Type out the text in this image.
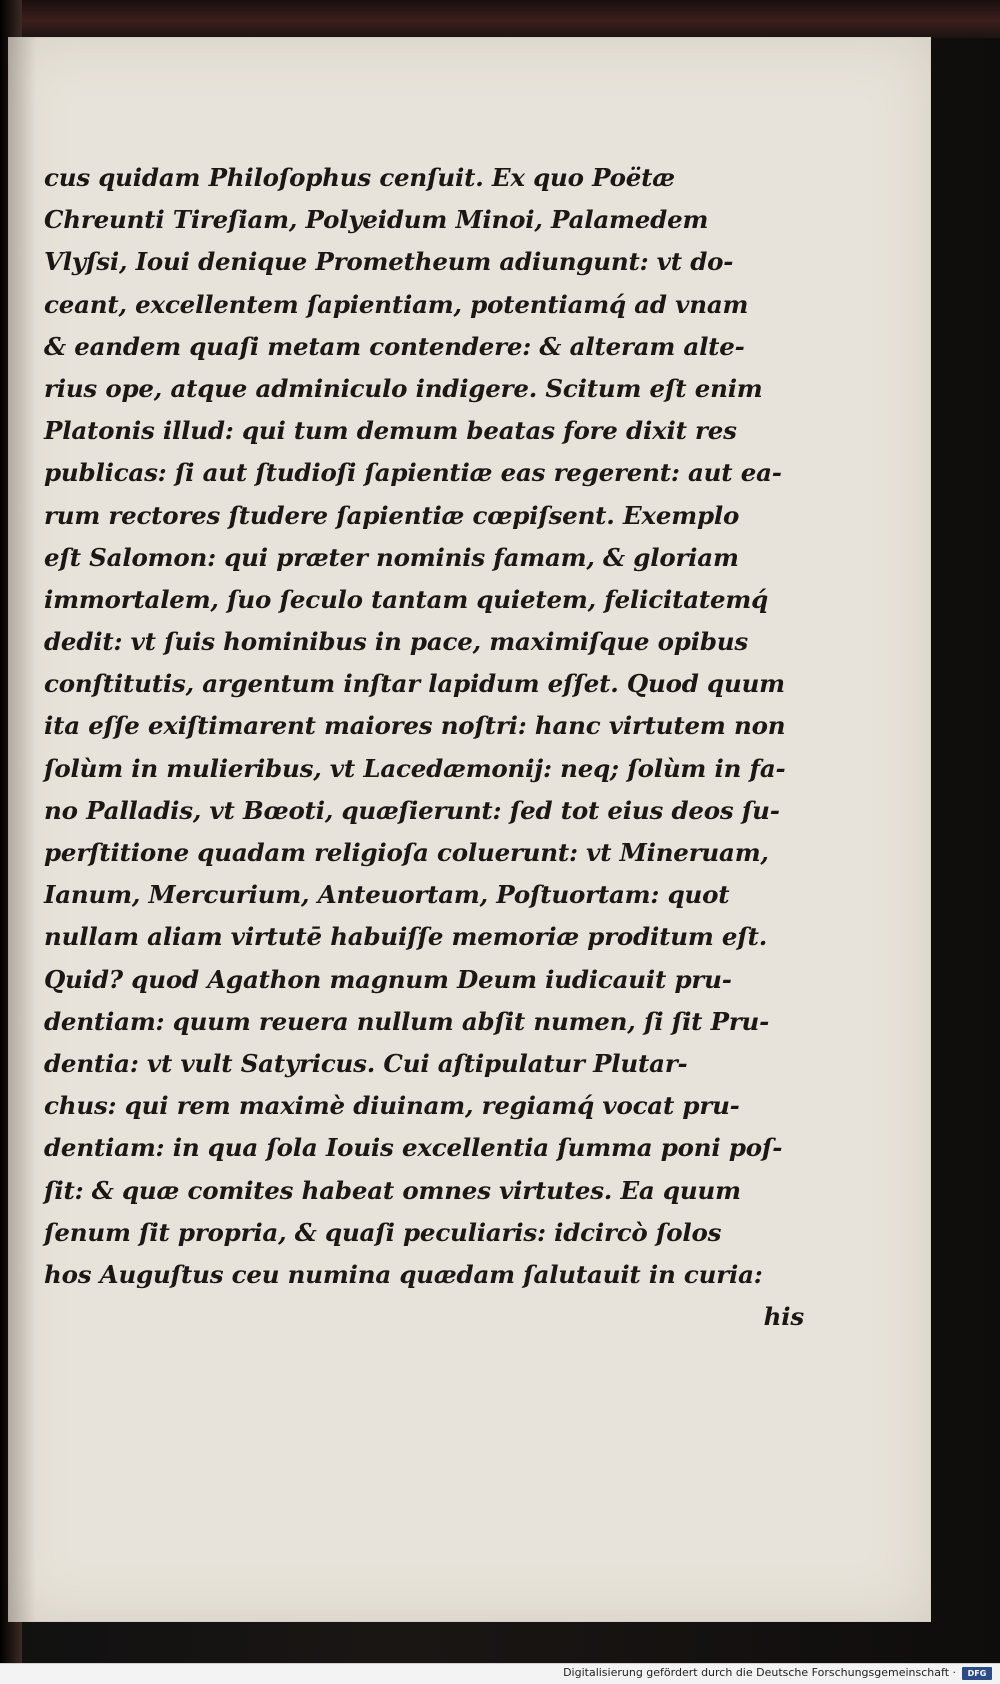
cus quidam Philoſophus cenſuit. Ex quo Poëtæ
Chreunti Tireſiam, Polyeidum Minoi, Palamedem
Vlyſsi, Ioui denique Prometheum adiungunt: vt do-
ceant, excellentem ſapientiam, potentiamq́ ad vnam
& eandem quaſi metam contendere: & alteram alte-
rius ope, atque adminiculo indigere. Scitum eſt enim
Platonis illud: qui tum demum beatas fore dixit res
publicas: ſi aut ſtudioſi ſapientiæ eas regerent: aut ea-
rum rectores ſtudere ſapientiæ cœpiſsent. Exemplo
eſt Salomon: qui præter nominis famam, & gloriam
immortalem, ſuo ſeculo tantam quietem, felicitatemq́
dedit: vt ſuis hominibus in pace, maximiſque opibus
conſtitutis, argentum inſtar lapidum eſſet. Quod quum
ita eſſe exiſtimarent maiores noſtri: hanc virtutem non
ſolùm in mulieribus, vt Lacedæmonij: neq; ſolùm in fa-
no Palladis, vt Bœoti, quæſierunt: ſed tot eius deos ſu-
perſtitione quadam religioſa coluerunt: vt Mineruam,
Ianum, Mercurium, Anteuortam, Poſtuortam: quot
nullam aliam virtutē habuiſſe memoriæ proditum eſt.
Quid? quod Agathon magnum Deum iudicauit pru-
dentiam: quum reuera nullum abſit numen, ſi ſit Pru-
dentia: vt vult Satyricus. Cui aſtipulatur Plutar-
chus: qui rem maximè diuinam, regiamq́ vocat pru-
dentiam: in qua ſola Iouis excellentia ſumma poni poſ-
ſit: & quæ comites habeat omnes virtutes. Ea quum
ſenum ſit propria, & quaſi peculiaris: idcircò ſolos
hos Auguſtus ceu numina quædam ſalutauit in curia:
his
Digitalisierung gefördert durch die Deutsche Forschungsgemeinschaft ·	DFG
